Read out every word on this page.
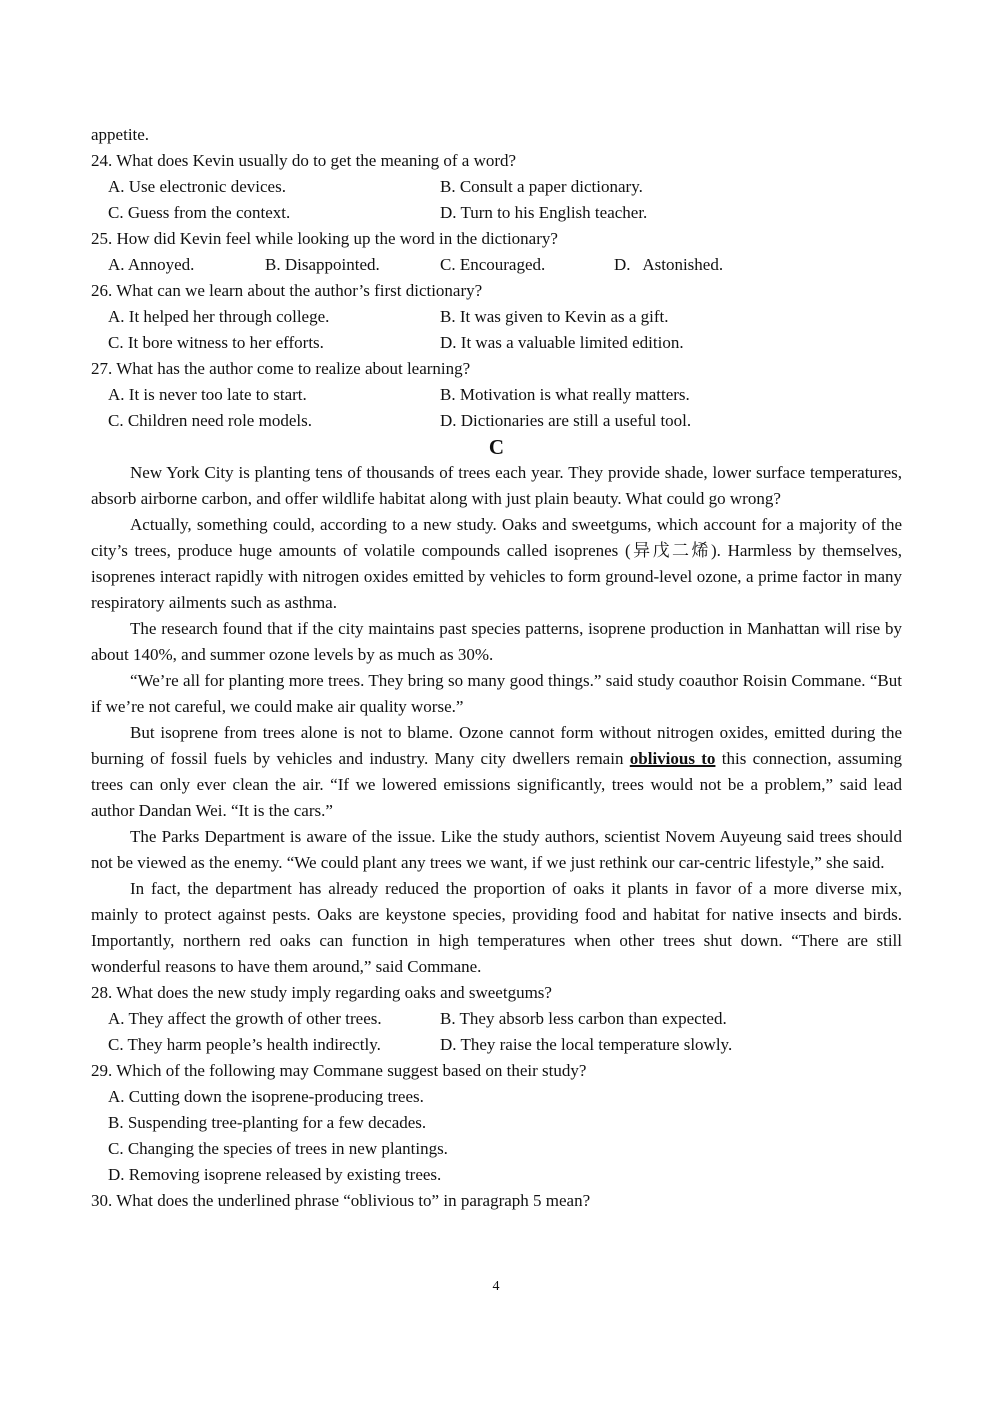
appetite.
24. What does Kevin usually do to get the meaning of a word?
A. Use electronic devices.	B. Consult a paper dictionary.
C. Guess from the context.	D. Turn to his English teacher.
25. How did Kevin feel while looking up the word in the dictionary?
A. Annoyed.	B. Disappointed.	C. Encouraged.	D.   Astonished.
26. What can we learn about the author’s first dictionary?
A. It helped her through college.	B. It was given to Kevin as a gift.
C. It bore witness to her efforts.	D. It was a valuable limited edition.
27. What has the author come to realize about learning?
A. It is never too late to start.	B. Motivation is what really matters.
C. Children need role models.	D. Dictionaries are still a useful tool.
C

New York City is planting tens of thousands of trees each year. They provide shade, lower surface temperatures, absorb airborne carbon, and offer wildlife habitat along with just plain beauty. What could go wrong?

Actually, something could, according to a new study. Oaks and sweetgums, which account for a majority of the city’s trees, produce huge amounts of volatile compounds called isoprenes (异戊二烯). Harmless by themselves, isoprenes interact rapidly with nitrogen oxides emitted by vehicles to form ground-level ozone, a prime factor in many respiratory ailments such as asthma.

The research found that if the city maintains past species patterns, isoprene production in Manhattan will rise by about 140%, and summer ozone levels by as much as 30%.

“We’re all for planting more trees. They bring so many good things.” said study coauthor Roisin Commane. “But if we’re not careful, we could make air quality worse.”

But isoprene from trees alone is not to blame. Ozone cannot form without nitrogen oxides, emitted during the burning of fossil fuels by vehicles and industry. Many city dwellers remain oblivious to this connection, assuming trees can only ever clean the air. “If we lowered emissions significantly, trees would not be a problem,” said lead author Dandan Wei. “It is the cars.”

The Parks Department is aware of the issue. Like the study authors, scientist Novem Auyeung said trees should not be viewed as the enemy. “We could plant any trees we want, if we just rethink our car-centric lifestyle,” she said.

In fact, the department has already reduced the proportion of oaks it plants in favor of a more diverse mix, mainly to protect against pests. Oaks are keystone species, providing food and habitat for native insects and birds. Importantly, northern red oaks can function in high temperatures when other trees shut down. “There are still wonderful reasons to have them around,” said Commane.

28. What does the new study imply regarding oaks and sweetgums?
A. They affect the growth of other trees.	B. They absorb less carbon than expected.
C. They harm people’s health indirectly.	D. They raise the local temperature slowly.
29. Which of the following may Commane suggest based on their study?
A. Cutting down the isoprene-producing trees.
B. Suspending tree-planting for a few decades.
C. Changing the species of trees in new plantings.
D. Removing isoprene released by existing trees.
30. What does the underlined phrase “oblivious to” in paragraph 5 mean?
4
